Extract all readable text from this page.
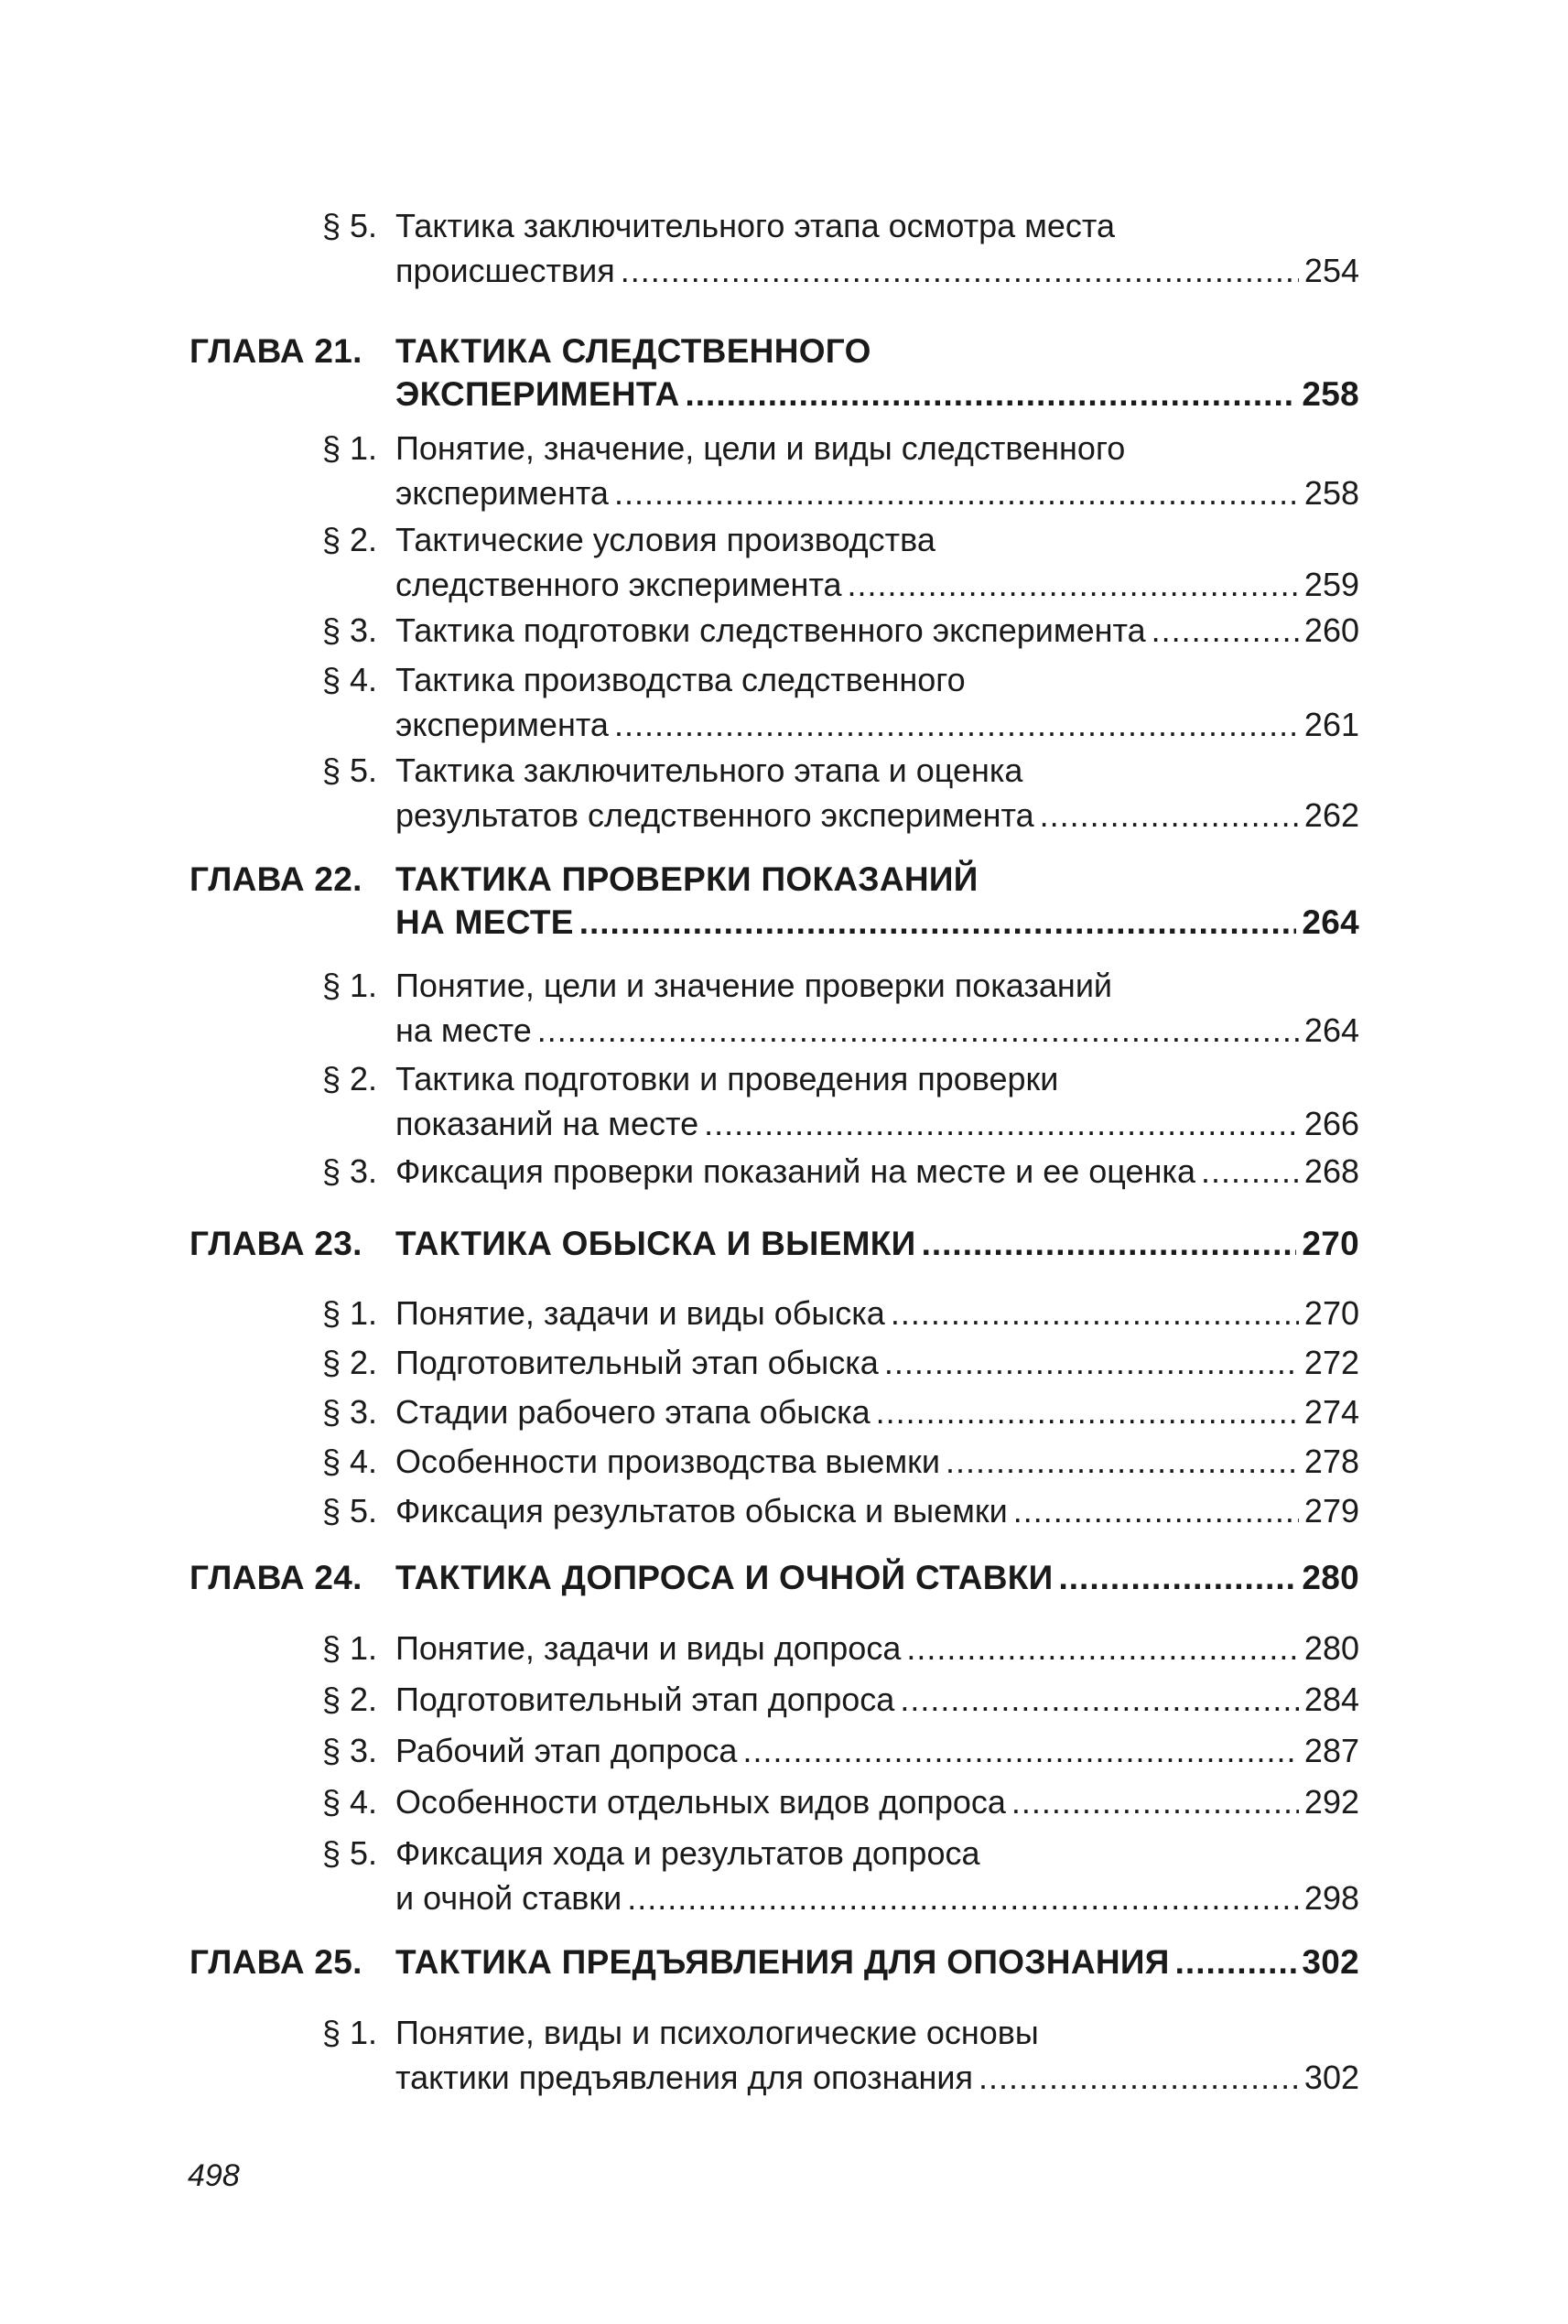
§ 5. Тактика заключительного этапа осмотра места
происшествия .....	254
ГЛАВА 21. ТАКТИКА СЛЕДСТВЕННОГО
ЭКСПЕРИМЕНТА .....	258
§ 1. Понятие, значение, цели и виды следственного
эксперимента .....	258
§ 2. Тактические условия производства
следственного эксперимента .....	259
§ 3. Тактика подготовки следственного эксперимента .....	260
§ 4. Тактика производства следственного
эксперимента .....	261
§ 5. Тактика заключительного этапа и оценка
результатов следственного эксперимента .....	262
ГЛАВА 22. ТАКТИКА ПРОВЕРКИ ПОКАЗАНИЙ
НА МЕСТЕ .....	264
§ 1. Понятие, цели и значение проверки показаний
на месте .....	264
§ 2. Тактика подготовки и проведения проверки
показаний на месте .....	266
§ 3. Фиксация проверки показаний на месте и ее оценка .....	268
ГЛАВА 23. ТАКТИКА ОБЫСКА И ВЫЕМКИ .....	270
§ 1. Понятие, задачи и виды обыска .....	270
§ 2. Подготовительный этап обыска .....	272
§ 3. Стадии рабочего этапа обыска .....	274
§ 4. Особенности производства выемки .....	278
§ 5. Фиксация результатов обыска и выемки .....	279
ГЛАВА 24. ТАКТИКА ДОПРОСА И ОЧНОЙ СТАВКИ .....	280
§ 1. Понятие, задачи и виды допроса .....	280
§ 2. Подготовительный этап допроса .....	284
§ 3. Рабочий этап допроса .....	287
§ 4. Особенности отдельных видов допроса .....	292
§ 5. Фиксация хода и результатов допроса
и очной ставки .....	298
ГЛАВА 25. ТАКТИКА ПРЕДЪЯВЛЕНИЯ ДЛЯ ОПОЗНАНИЯ .....	302
§ 1. Понятие, виды и психологические основы
тактики предъявления для опознания .....	302
498
